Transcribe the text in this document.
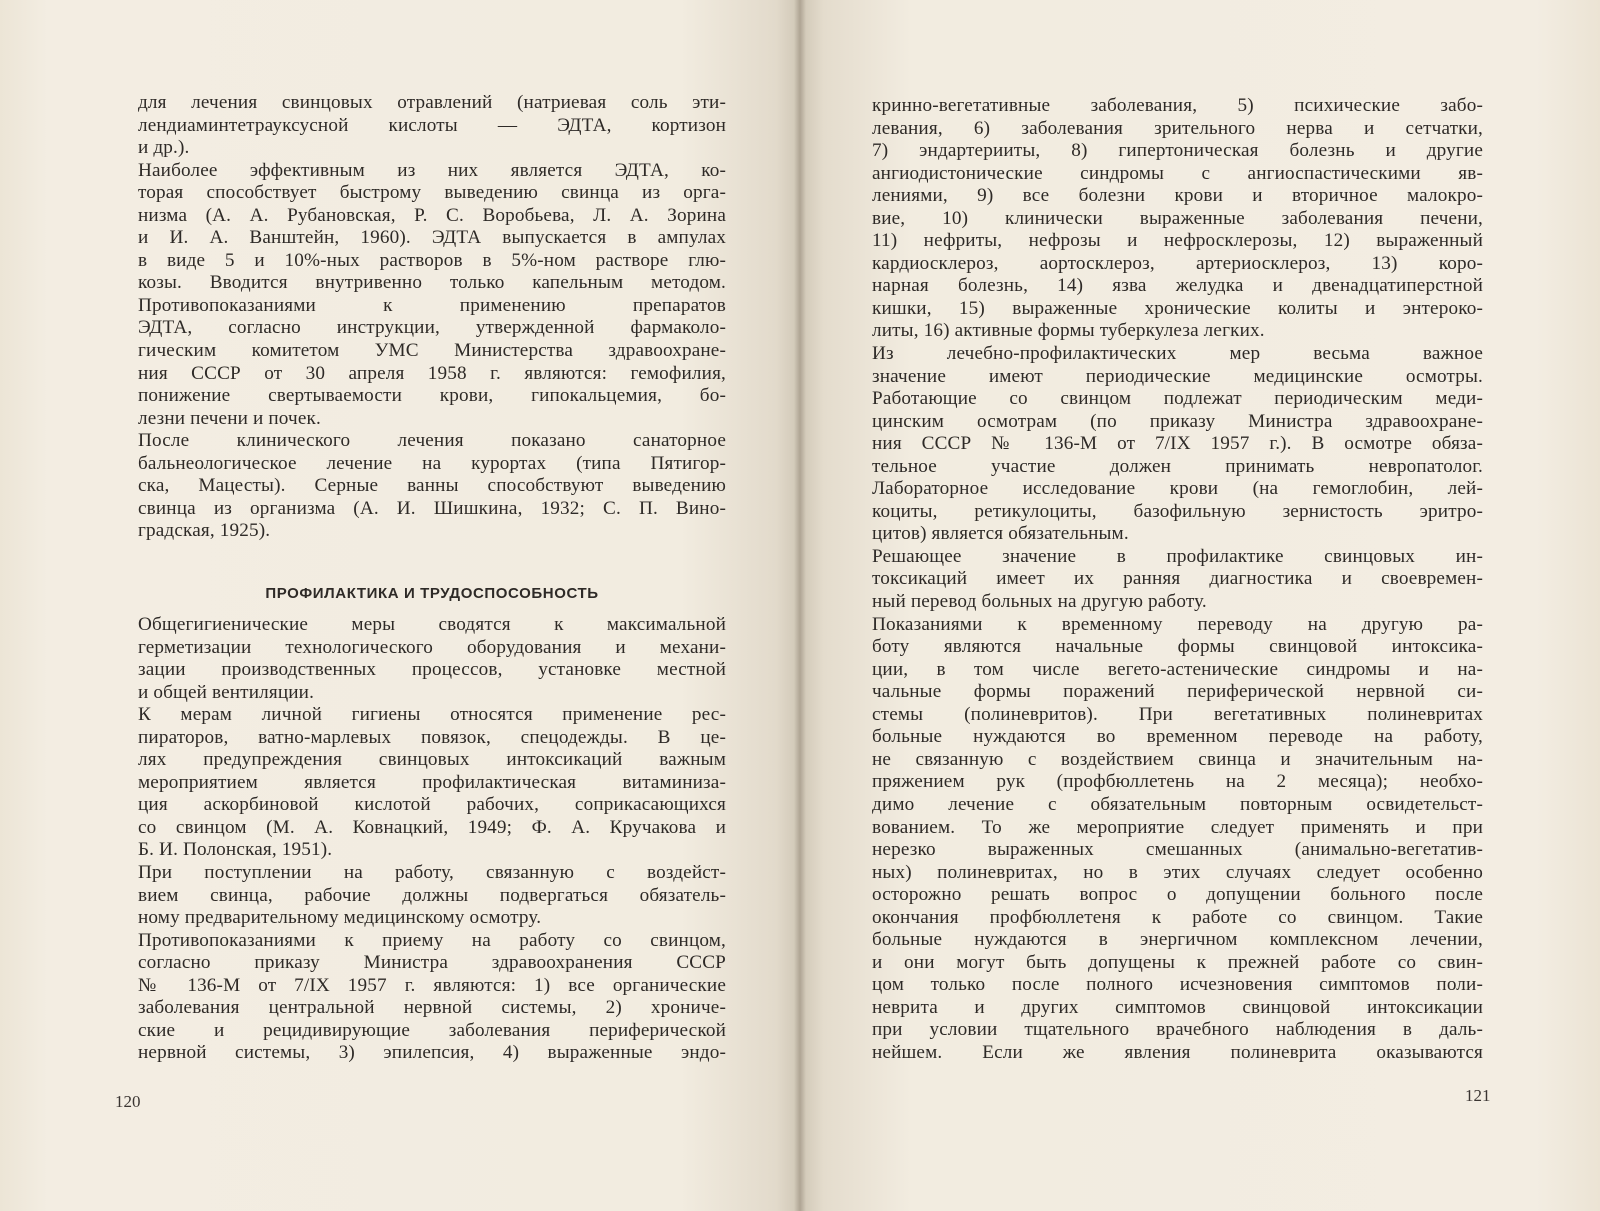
для лечения свинцовых отравлений (натриевая соль эти-
лендиаминтетрауксусной кислоты — ЭДТА, кортизон
и др.).
Наиболее эффективным из них является ЭДТА, ко-
торая способствует быстрому выведению свинца из орга-
низма (А. А. Рубановская, Р. С. Воробьева, Л. А. Зорина
и И. А. Ванштейн, 1960). ЭДТА выпускается в ампулах
в виде 5 и 10%-ных растворов в 5%-ном растворе глю-
козы. Вводится внутривенно только капельным методом.
Противопоказаниями к применению препаратов
ЭДТА, согласно инструкции, утвержденной фармаколо-
гическим комитетом УМС Министерства здравоохране-
ния СССР от 30 апреля 1958 г. являются: гемофилия,
понижение свертываемости крови, гипокальцемия, бо-
лезни печени и почек.
После клинического лечения показано санаторное
бальнеологическое лечение на курортах (типа Пятигор-
ска, Мацесты). Серные ванны способствуют выведению
свинца из организма (А. И. Шишкина, 1932; С. П. Вино-
градская, 1925).
ПРОФИЛАКТИКА И ТРУДОСПОСОБНОСТЬ
Общегигиенические меры сводятся к максимальной
герметизации технологического оборудования и механи-
зации производственных процессов, установке местной
и общей вентиляции.
К мерам личной гигиены относятся применение рес-
пираторов, ватно-марлевых повязок, спецодежды. В це-
лях предупреждения свинцовых интоксикаций важным
мероприятием является профилактическая витаминиза-
ция аскорбиновой кислотой рабочих, соприкасающихся
со свинцом (М. А. Ковнацкий, 1949; Ф. А. Кручакова и
Б. И. Полонская, 1951).
При поступлении на работу, связанную с воздейст-
вием свинца, рабочие должны подвергаться обязатель-
ному предварительному медицинскому осмотру.
Противопоказаниями к приему на работу со свинцом,
согласно приказу Министра здравоохранения СССР
№ 136-М от 7/IX 1957 г. являются: 1) все органические
заболевания центральной нервной системы, 2) хрониче-
ские и рецидивирующие заболевания периферической
нервной системы, 3) эпилепсия, 4) выраженные эндо-
120
кринно-вегетативные заболевания, 5) психические забо-
левания, 6) заболевания зрительного нерва и сетчатки,
7) эндартерииты, 8) гипертоническая болезнь и другие
ангиодистонические синдромы с ангиоспастическими яв-
лениями, 9) все болезни крови и вторичное малокро-
вие, 10) клинически выраженные заболевания печени,
11) нефриты, нефрозы и нефросклерозы, 12) выраженный
кардиосклероз, аортосклероз, артериосклероз, 13) коро-
нарная болезнь, 14) язва желудка и двенадцатиперстной
кишки, 15) выраженные хронические колиты и энтероко-
литы, 16) активные формы туберкулеза легких.
Из лечебно-профилактических мер весьма важное
значение имеют периодические медицинские осмотры.
Работающие со свинцом подлежат периодическим меди-
цинским осмотрам (по приказу Министра здравоохране-
ния СССР № 136-М от 7/IX 1957 г.). В осмотре обяза-
тельное участие должен принимать невропатолог.
Лабораторное исследование крови (на гемоглобин, лей-
коциты, ретикулоциты, базофильную зернистость эритро-
цитов) является обязательным.
Решающее значение в профилактике свинцовых ин-
токсикаций имеет их ранняя диагностика и своевремен-
ный перевод больных на другую работу.
Показаниями к временному переводу на другую ра-
боту являются начальные формы свинцовой интоксика-
ции, в том числе вегето-астенические синдромы и на-
чальные формы поражений периферической нервной си-
стемы (полиневритов). При вегетативных полиневритах
больные нуждаются во временном переводе на работу,
не связанную с воздействием свинца и значительным на-
пряжением рук (профбюллетень на 2 месяца); необхо-
димо лечение с обязательным повторным освидетельст-
вованием. То же мероприятие следует применять и при
нерезко выраженных смешанных (анимально-вегетатив-
ных) полиневритах, но в этих случаях следует особенно
осторожно решать вопрос о допущении больного после
окончания профбюллетеня к работе со свинцом. Такие
больные нуждаются в энергичном комплексном лечении,
и они могут быть допущены к прежней работе со свин-
цом только после полного исчезновения симптомов поли-
неврита и других симптомов свинцовой интоксикации
при условии тщательного врачебного наблюдения в даль-
нейшем. Если же явления полиневрита оказываются
121
